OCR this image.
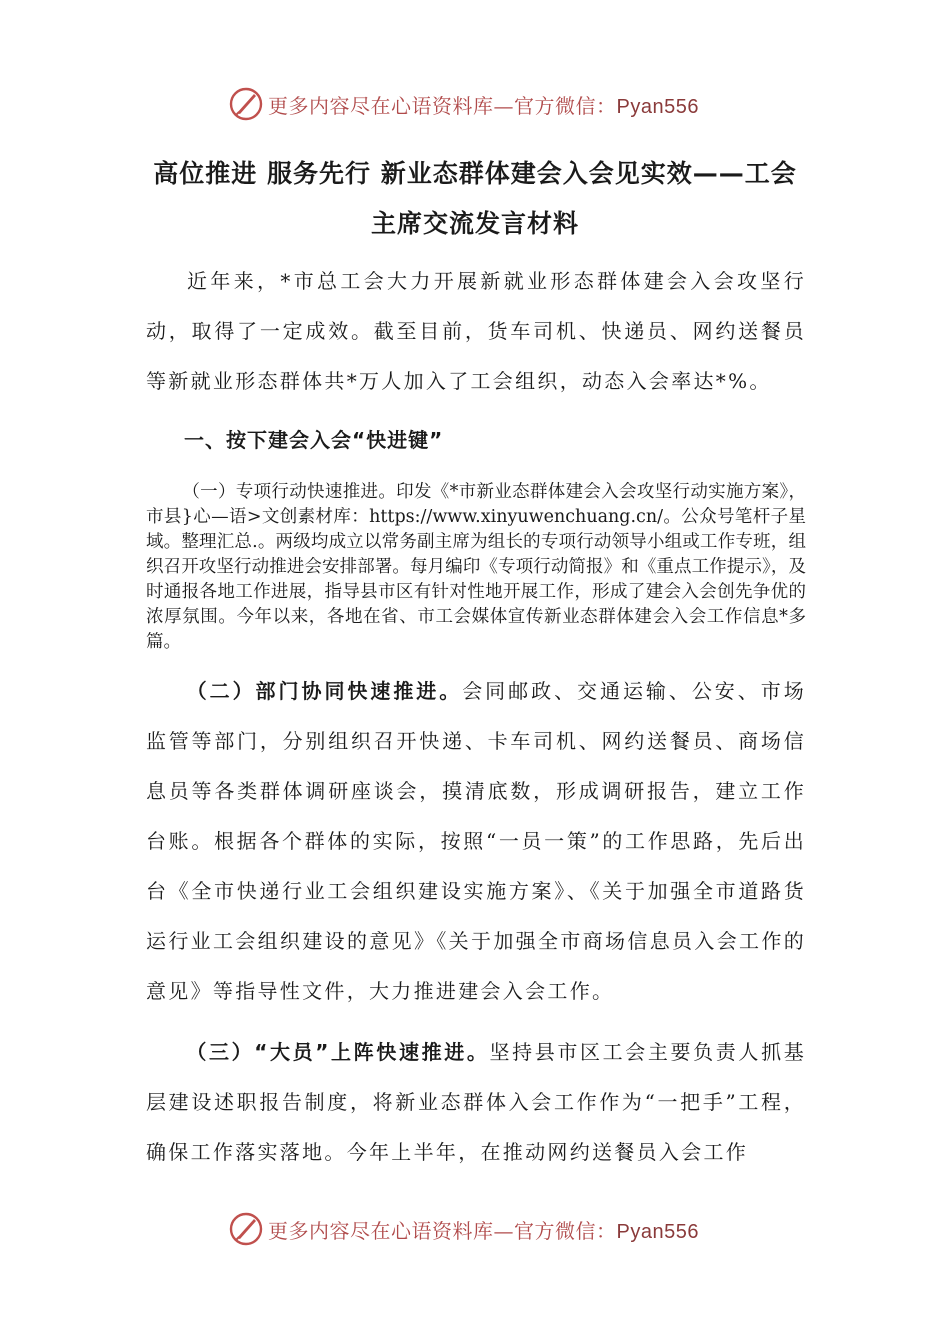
更多内容尽在心语资料库—官方微信：Pyan556
高位推进 服务先行 新业态群体建会入会见实效——工会
主席交流发言材料
近年来，*市总工会大力开展新就业形态群体建会入会攻坚行动，取得了一定成效。截至目前，货车司机、快递员、网约送餐员等新就业形态群体共*万人加入了工会组织，动态入会率达*%。
一、按下建会入会“快进键”
（一）专项行动快速推进。印发《*市新业态群体建会入会攻坚行动实施方案》，市县}心—语>文创素材库：https://www.xinyuwenchuang.cn/。公众号笔杆子星域。整理汇总.。两级均成立以常务副主席为组长的专项行动领导小组或工作专班，组织召开攻坚行动推进会安排部署。每月编印《专项行动简报》和《重点工作提示》，及时通报各地工作进展，指导县市区有针对性地开展工作，形成了建会入会创先争优的浓厚氛围。今年以来，各地在省、市工会媒体宣传新业态群体建会入会工作信息*多篇。
（二）部门协同快速推进。会同邮政、交通运输、公安、市场监管等部门，分别组织召开快递、卡车司机、网约送餐员、商场信息员等各类群体调研座谈会，摸清底数，形成调研报告，建立工作台账。根据各个群体的实际，按照“一员一策”的工作思路，先后出台《全市快递行业工会组织建设实施方案》、《关于加强全市道路货运行业工会组织建设的意见》《关于加强全市商场信息员入会工作的意见》等指导性文件，大力推进建会入会工作。
（三）“大员”上阵快速推进。坚持县市区工会主要负责人抓基层建设述职报告制度，将新业态群体入会工作作为“一把手”工程，确保工作落实落地。今年上半年，在推动网约送餐员入会工作
更多内容尽在心语资料库—官方微信：Pyan556
